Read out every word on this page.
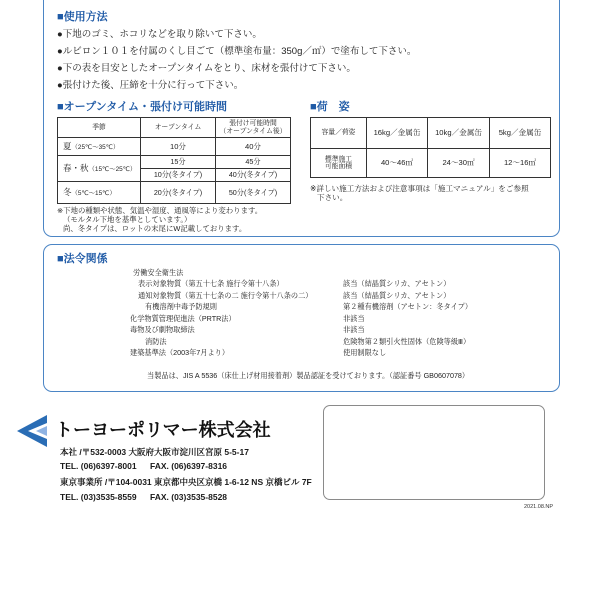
■使用方法
●下地のゴミ、ホコリなどを取り除いて下さい。
●ルビロン１０１を付属のくし目ごて（標準塗布量：350g／㎡）で塗布して下さい。
●下の表を目安としたオープンタイムをとり、床材を張付けて下さい。
●張付けた後、圧締を十分に行って下さい。
■オープンタイム・張付け可能時間
季節	オープンタイム	張付け可能時間
（オープンタイム後）

夏（25℃〜35℃）	10分	40分
春・秋（15℃〜25℃）	15分	45分
	10分(冬タイプ)	40分(冬タイプ)
冬（5℃〜15℃）	20分(冬タイプ)	50分(冬タイプ)
※下地の種類や状態、気温や湿度、通風等により変わります。
（モルタル下地を基準としています。）
尚、冬タイプは、ロットの末尾にW記載しております。
■荷　姿
容量／荷姿	16kg／金属缶	10kg／金属缶	5kg／金属缶

標準施工
可能面積	40〜46㎡	24〜30㎡	12〜16㎡
※詳しい施工方法および注意事項は「施工マニュアル」をご参照
下さい。
■法令関係
労働安全衛生法
表示対象物質（第五十七条 施行令第十八条）	該当（結晶質シリカ、アセトン）
通知対象物質（第五十七条の二 施行令第十八条の二）	該当（結晶質シリカ、アセトン）
有機溶剤中毒予防規則	第２種有機溶剤（アセトン：冬タイプ）
化学物質管理促進法（PRTR法）	非該当
毒物及び劇物取締法	非該当
消防法	危険物第２類引火性固体（危険等級Ⅲ）
建築基準法（2003年7月より）	使用制限なし
当製品は、JIS A 5536（床仕上げ材用接着剤）製品認証を受けております。（認証番号 GB0607078）
トーヨーポリマー株式会社
本社 /〒532-0003 大阪府大阪市淀川区宮原 5-5-17
TEL. (06)6397-8001 FAX. (06)6397-8316
東京事業所 /〒104-0031 東京都中央区京橋 1-6-12 NS 京橋ビル 7F
TEL. (03)3535-8559 FAX. (03)3535-8528
2021.08.NP
